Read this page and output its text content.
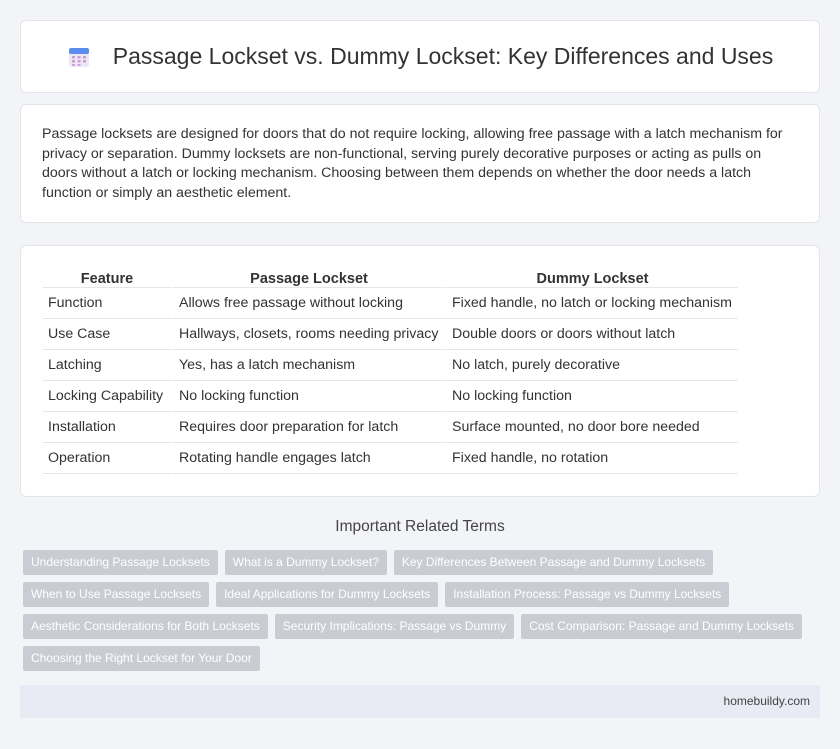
Passage Lockset vs. Dummy Lockset: Key Differences and Uses

Passage locksets are designed for doors that do not require locking, allowing free passage with a latch mechanism for privacy or separation. Dummy locksets are non-functional, serving purely decorative purposes or acting as pulls on doors without a latch or locking mechanism. Choosing between them depends on whether the door needs a latch function or simply an aesthetic element.

Feature	Passage Lockset	Dummy Lockset
Function	Allows free passage without locking	Fixed handle, no latch or locking mechanism
Use Case	Hallways, closets, rooms needing privacy	Double doors or doors without latch
Latching	Yes, has a latch mechanism	No latch, purely decorative
Locking Capability	No locking function	No locking function
Installation	Requires door preparation for latch	Surface mounted, no door bore needed
Operation	Rotating handle engages latch	Fixed handle, no rotation
Important Related Terms
Understanding Passage Locksets	What is a Dummy Lockset?	Key Differences Between Passage and Dummy Locksets
When to Use Passage Locksets	Ideal Applications for Dummy Locksets	Installation Process: Passage vs Dummy Locksets
Aesthetic Considerations for Both Locksets	Security Implications: Passage vs Dummy	Cost Comparison: Passage and Dummy Locksets
Choosing the Right Lockset for Your Door
homebuildy.com
